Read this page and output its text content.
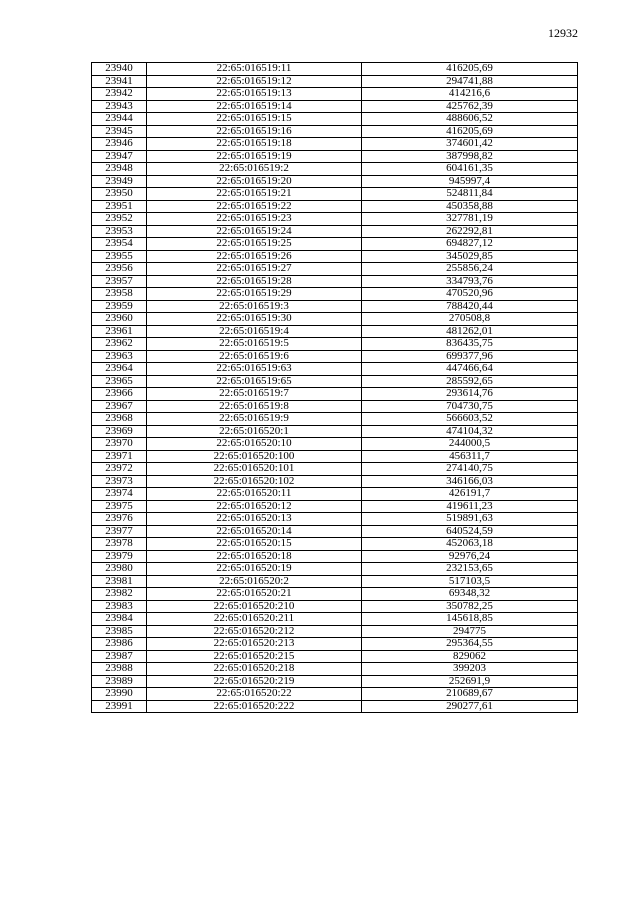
12932
23940	22:65:016519:11	416205,69
23941	22:65:016519:12	294741,88
23942	22:65:016519:13	414216,6
23943	22:65:016519:14	425762,39
23944	22:65:016519:15	488606,52
23945	22:65:016519:16	416205,69
23946	22:65:016519:18	374601,42
23947	22:65:016519:19	387998,82
23948	22:65:016519:2	604161,35
23949	22:65:016519:20	945997,4
23950	22:65:016519:21	524811,84
23951	22:65:016519:22	450358,88
23952	22:65:016519:23	327781,19
23953	22:65:016519:24	262292,81
23954	22:65:016519:25	694827,12
23955	22:65:016519:26	345029,85
23956	22:65:016519:27	255856,24
23957	22:65:016519:28	334793,76
23958	22:65:016519:29	470520,96
23959	22:65:016519:3	788420,44
23960	22:65:016519:30	270508,8
23961	22:65:016519:4	481262,01
23962	22:65:016519:5	836435,75
23963	22:65:016519:6	699377,96
23964	22:65:016519:63	447466,64
23965	22:65:016519:65	285592,65
23966	22:65:016519:7	293614,76
23967	22:65:016519:8	704730,75
23968	22:65:016519:9	566603,52
23969	22:65:016520:1	474104,32
23970	22:65:016520:10	244000,5
23971	22:65:016520:100	456311,7
23972	22:65:016520:101	274140,75
23973	22:65:016520:102	346166,03
23974	22:65:016520:11	426191,7
23975	22:65:016520:12	419611,23
23976	22:65:016520:13	519891,63
23977	22:65:016520:14	640524,59
23978	22:65:016520:15	452063,18
23979	22:65:016520:18	92976,24
23980	22:65:016520:19	232153,65
23981	22:65:016520:2	517103,5
23982	22:65:016520:21	69348,32
23983	22:65:016520:210	350782,25
23984	22:65:016520:211	145618,85
23985	22:65:016520:212	294775
23986	22:65:016520:213	295364,55
23987	22:65:016520:215	829062
23988	22:65:016520:218	399203
23989	22:65:016520:219	252691,9
23990	22:65:016520:22	210689,67
23991	22:65:016520:222	290277,61
